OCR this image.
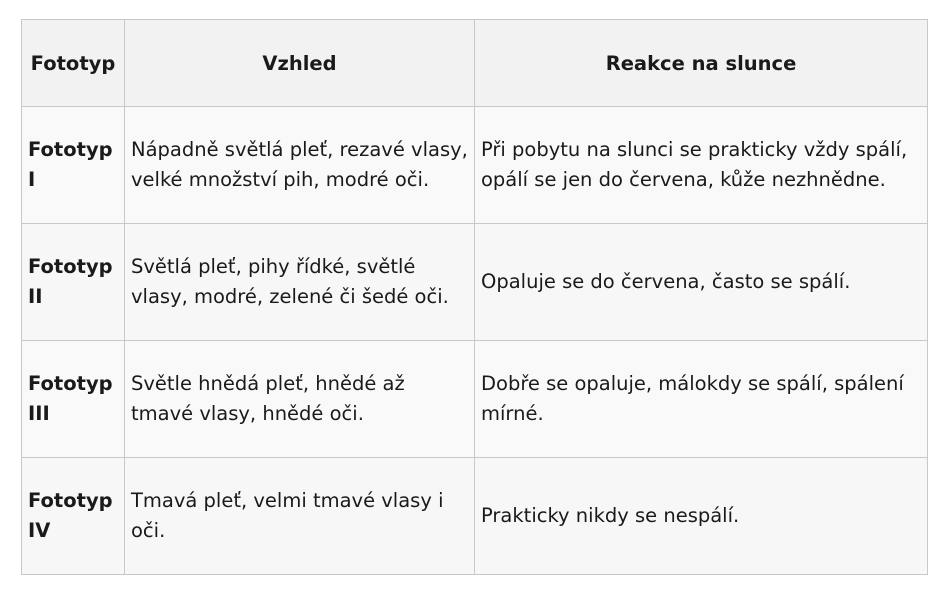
Fototyp	Vzhled	Reakce na slunce
Fototyp I	Nápadně světlá pleť, rezavé vlasy, velké množství pih, modré oči.	Při pobytu na slunci se prakticky vždy spálí, opálí se jen do červena, kůže nezhnědne.
Fototyp II	Světlá pleť, pihy řídké, světlé vlasy, modré, zelené či šedé oči.	Opaluje se do červena, často se spálí.
Fototyp III	Světle hnědá pleť, hnědé až tmavé vlasy, hnědé oči.	Dobře se opaluje, málokdy se spálí, spálení mírné.
Fototyp IV	Tmavá pleť, velmi tmavé vlasy i oči.	Prakticky nikdy se nespálí.
